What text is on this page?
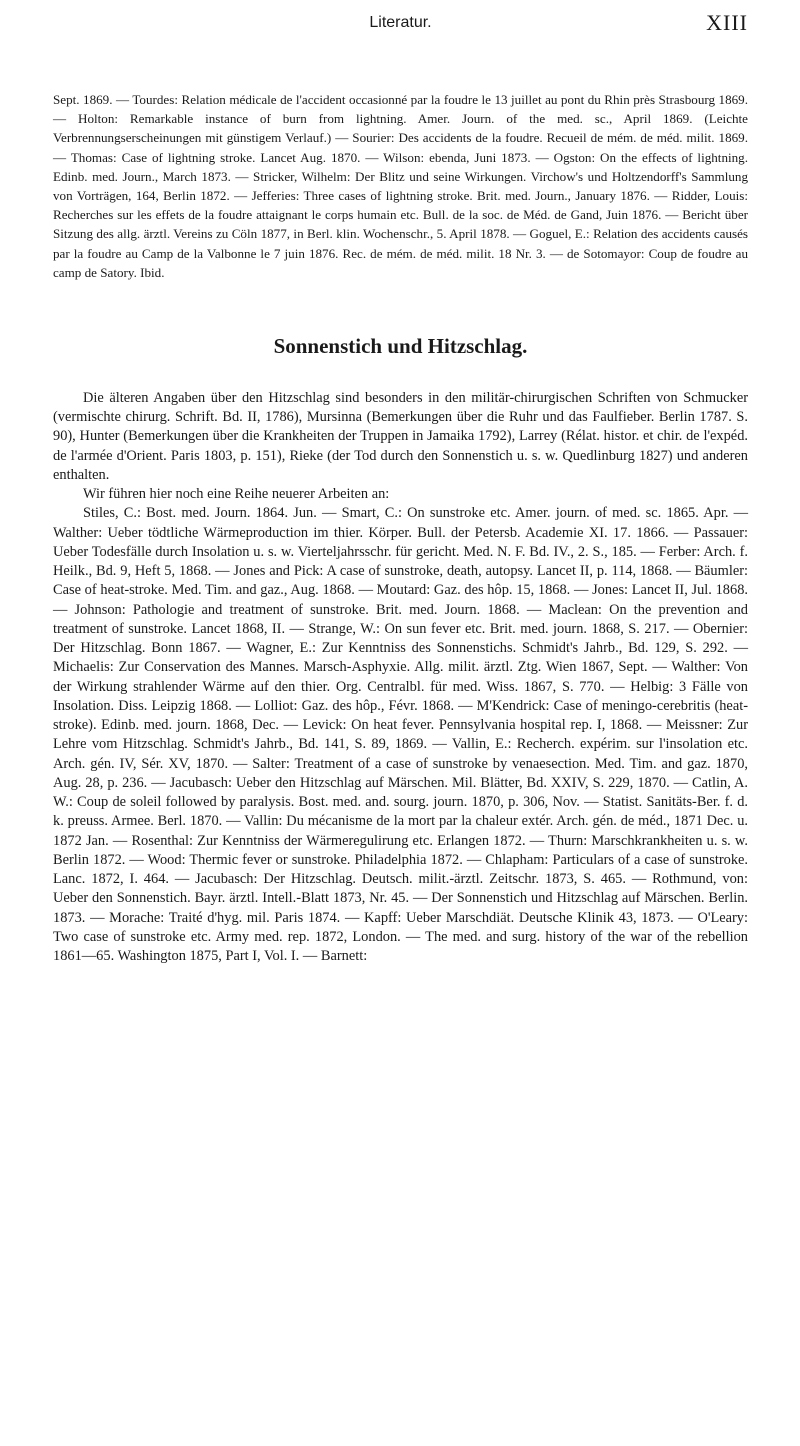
Literatur.	XIII

Sept. 1869. — Tourdes: Relation médicale de l'accident occasionné par la foudre le 13 juillet au pont du Rhin près Strasbourg 1869. — Holton: Remarkable instance of burn from lightning. Amer. Journ. of the med. sc., April 1869. (Leichte Verbrennungserscheinungen mit günstigem Verlauf.) — Sourier: Des accidents de la foudre. Recueil de mém. de méd. milit. 1869. — Thomas: Case of lightning stroke. Lancet Aug. 1870. — Wilson: ebenda, Juni 1873. — Ogston: On the effects of lightning. Edinb. med. Journ., March 1873. — Stricker, Wilhelm: Der Blitz und seine Wirkungen. Virchow's und Holtzendorff's Sammlung von Vorträgen, 164, Berlin 1872. — Jefferies: Three cases of lightning stroke. Brit. med. Journ., January 1876. — Ridder, Louis: Recherches sur les effets de la foudre attaignant le corps humain etc. Bull. de la soc. de Méd. de Gand, Juin 1876. — Bericht über Sitzung des allg. ärztl. Vereins zu Cöln 1877, in Berl. klin. Wochenschr., 5. April 1878. — Goguel, E.: Relation des accidents causés par la foudre au Camp de la Valbonne le 7 juin 1876. Rec. de mém. de méd. milit. 18 Nr. 3. — de Sotomayor: Coup de foudre au camp de Satory. Ibid.

Sonnenstich und Hitzschlag.

Die älteren Angaben über den Hitzschlag sind besonders in den militär-chirurgischen Schriften von Schmucker (vermischte chirurg. Schrift. Bd. II, 1786), Mursinna (Bemerkungen über die Ruhr und das Faulfieber. Berlin 1787. S. 90), Hunter (Bemerkungen über die Krankheiten der Truppen in Jamaika 1792), Larrey (Rélat. histor. et chir. de l'expéd. de l'armée d'Orient. Paris 1803, p. 151), Rieke (der Tod durch den Sonnenstich u. s. w. Quedlinburg 1827) und anderen enthalten.

Wir führen hier noch eine Reihe neuerer Arbeiten an:

Stiles, C.: Bost. med. Journ. 1864. Jun. — Smart, C.: On sunstroke etc. Amer. journ. of med. sc. 1865. Apr. — Walther: Ueber tödtliche Wärmeproduction im thier. Körper. Bull. der Petersb. Academie XI. 17. 1866. — Passauer: Ueber Todesfälle durch Insolation u. s. w. Vierteljahrsschr. für gericht. Med. N. F. Bd. IV., 2. S., 185. — Ferber: Arch. f. Heilk., Bd. 9, Heft 5, 1868. — Jones and Pick: A case of sunstroke, death, autopsy. Lancet II, p. 114, 1868. — Bäumler: Case of heat-stroke. Med. Tim. and gaz., Aug. 1868. — Moutard: Gaz. des hôp. 15, 1868. — Jones: Lancet II, Jul. 1868. — Johnson: Pathologie and treatment of sunstroke. Brit. med. Journ. 1868. — Maclean: On the prevention and treatment of sunstroke. Lancet 1868, II. — Strange, W.: On sun fever etc. Brit. med. journ. 1868, S. 217. — Obernier: Der Hitzschlag. Bonn 1867. — Wagner, E.: Zur Kenntniss des Sonnenstichs. Schmidt's Jahrb., Bd. 129, S. 292. — Michaelis: Zur Conservation des Mannes. Marsch-Asphyxie. Allg. milit. ärztl. Ztg. Wien 1867, Sept. — Walther: Von der Wirkung strahlender Wärme auf den thier. Org. Centralbl. für med. Wiss. 1867, S. 770. — Helbig: 3 Fälle von Insolation. Diss. Leipzig 1868. — Lolliot: Gaz. des hôp., Févr. 1868. — M'Kendrick: Case of meningo-cerebritis (heat-stroke). Edinb. med. journ. 1868, Dec. — Levick: On heat fever. Pennsylvania hospital rep. I, 1868. — Meissner: Zur Lehre vom Hitzschlag. Schmidt's Jahrb., Bd. 141, S. 89, 1869. — Vallin, E.: Recherch. expérim. sur l'insolation etc. Arch. gén. IV, Sér. XV, 1870. — Salter: Treatment of a case of sunstroke by venaesection. Med. Tim. and gaz. 1870, Aug. 28, p. 236. — Jacubasch: Ueber den Hitzschlag auf Märschen. Mil. Blätter, Bd. XXIV, S. 229, 1870. — Catlin, A. W.: Coup de soleil followed by paralysis. Bost. med. and. sourg. journ. 1870, p. 306, Nov. — Statist. Sanitäts-Ber. f. d. k. preuss. Armee. Berl. 1870. — Vallin: Du mécanisme de la mort par la chaleur extér. Arch. gén. de méd., 1871 Dec. u. 1872 Jan. — Rosenthal: Zur Kenntniss der Wärmeregulirung etc. Erlangen 1872. — Thurn: Marschkrankheiten u. s. w. Berlin 1872. — Wood: Thermic fever or sunstroke. Philadelphia 1872. — Chlapham: Particulars of a case of sunstroke. Lanc. 1872, I. 464. — Jacubasch: Der Hitzschlag. Deutsch. milit.-ärztl. Zeitschr. 1873, S. 465. — Rothmund, von: Ueber den Sonnenstich. Bayr. ärztl. Intell.-Blatt 1873, Nr. 45. — Der Sonnenstich und Hitzschlag auf Märschen. Berlin. 1873. — Morache: Traité d'hyg. mil. Paris 1874. — Kapff: Ueber Marschdiät. Deutsche Klinik 43, 1873. — O'Leary: Two case of sunstroke etc. Army med. rep. 1872, London. — The med. and surg. history of the war of the rebellion 1861—65. Washington 1875, Part I, Vol. I. — Barnett:
